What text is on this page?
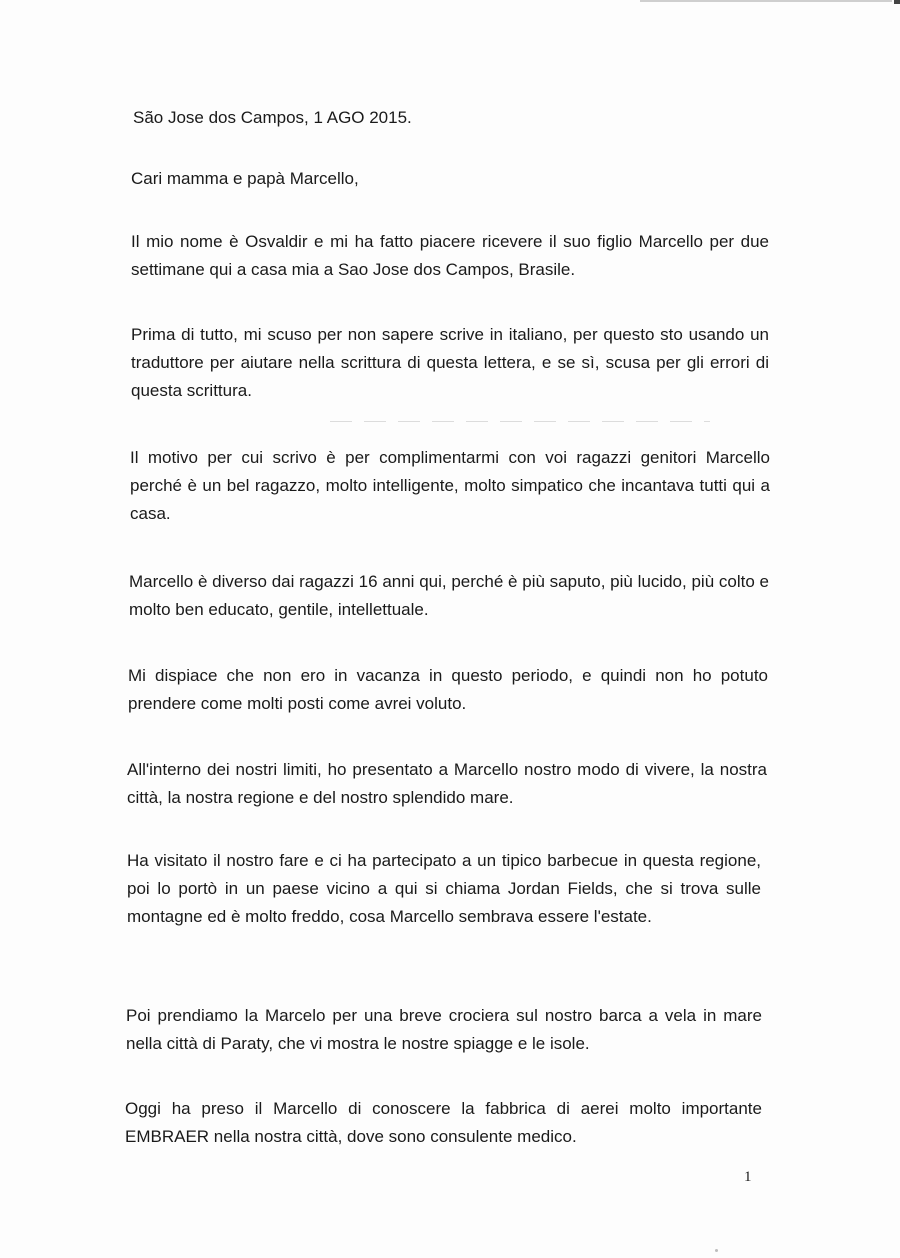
São Jose dos Campos, 1 AGO 2015.

Cari mamma e papà Marcello,

Il mio nome è Osvaldir e mi ha fatto piacere ricevere il suo figlio Marcello per due settimane qui a casa mia a Sao Jose dos Campos, Brasile.

Prima di tutto, mi scuso per non sapere scrive in italiano, per questo sto usando un traduttore per aiutare nella scrittura di questa lettera, e se sì, scusa per gli errori di questa scrittura.

Il motivo per cui scrivo è per complimentarmi con voi ragazzi genitori Marcello perché è un bel ragazzo, molto intelligente, molto simpatico che incantava tutti qui a casa.

Marcello è diverso dai ragazzi 16 anni qui, perché è più saputo, più lucido, più colto e molto ben educato, gentile, intellettuale.

Mi dispiace che non ero in vacanza in questo periodo, e quindi non ho potuto prendere come molti posti come avrei voluto.

All'interno dei nostri limiti, ho presentato a Marcello nostro modo di vivere, la nostra città, la nostra regione e del nostro splendido mare.

Ha visitato il nostro fare e ci ha partecipato a un tipico barbecue in questa regione, poi lo portò in un paese vicino a qui si chiama Jordan Fields, che si trova sulle montagne ed è molto freddo, cosa Marcello sembrava essere l'estate.

Poi prendiamo la Marcelo per una breve crociera sul nostro barca a vela in mare nella città di Paraty, che vi mostra le nostre spiagge e le isole.

Oggi ha preso il Marcello di conoscere la fabbrica di aerei molto importante EMBRAER nella nostra città, dove sono consulente medico.

1
